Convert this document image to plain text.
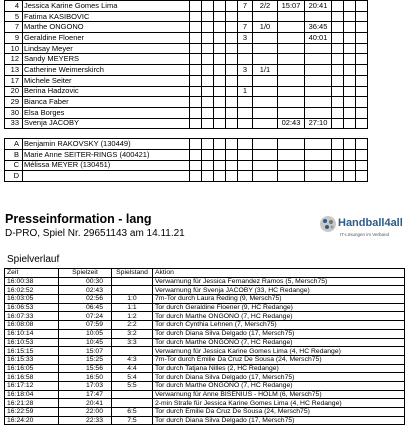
4	Jessica Karine Gomes Lima					7	2/2	15:07	20:41			
5	Fatima KASIBOVIC											
7	Marthe ONGONO					7	1/0		36:45			
9	Geraldine Floener					3			40:01			
10	Lindsay Meyer											
12	Sandy MEYERS											
13	Catherine Weimerskirch					3	1/1					
17	Michele Seiter											
20	Berina Hadzovic					1						
29	Bianca Faber											
30	Elsa Borges											
33	Svenja JACOBY							02:43	27:10			

A	Benjamin RAKOVSKY (130449)											
B	Marie Anne SEITER-RINGS (400421)											
C	Mélissa MEYER (130451)											
D												
Presseinformation - lang
D-PRO, Spiel Nr. 29651143 am 14.11.21
Handball4all
IT-Lösungen im Verband
Spielverlauf
Zeit	Spielzeit	Spielstand	Aktion
16:00:38	00:30		Verwarnung für Jessica Fernandez Ramos (5, Mersch75)
16:02:52	02:43		Verwarnung für Svenja JACOBY (33, HC Redange)
16:03:05	02:56	1:0	7m-Tor durch Laura Reding (9, Mersch75)
16:06:53	06:45	1:1	Tor durch Geraldine Floener (9, HC Redange)
16:07:33	07:24	1:2	Tor durch Marthe ONGONO (7, HC Redange)
16:08:08	07:59	2:2	Tor durch Cynthia Lehnen (7, Mersch75)
16:10:14	10:05	3:2	Tor durch Diana Silva Delgado (17, Mersch75)
16:10:53	10:45	3:3	Tor durch Marthe ONGONO (7, HC Redange)
16:15:15	15:07		Verwarnung für Jessica Karine Gomes Lima (4, HC Redange)
16:15:33	15:25	4:3	7m-Tor durch Emilie Da Cruz De Sousa (24, Mersch75)
16:16:05	15:56	4:4	Tor durch Tatjana Nilles (2, HC Redange)
16:16:58	16:50	5:4	Tor durch Diana Silva Delgado (17, Mersch75)
16:17:12	17:03	5:5	Tor durch Marthe ONGONO (7, HC Redange)
16:18:04	17:47		Verwarnung für Anne BISENIUS - HOLM (6, Mersch75)
16:21:28	20:41		2-min Strafe für Jessica Karine Gomes Lima (4, HC Redange)
16:22:59	22:00	6:5	Tor durch Emilie Da Cruz De Sousa (24, Mersch75)
16:24:20	22:33	7:5	Tor durch Diana Silva Delgado (17, Mersch75)
